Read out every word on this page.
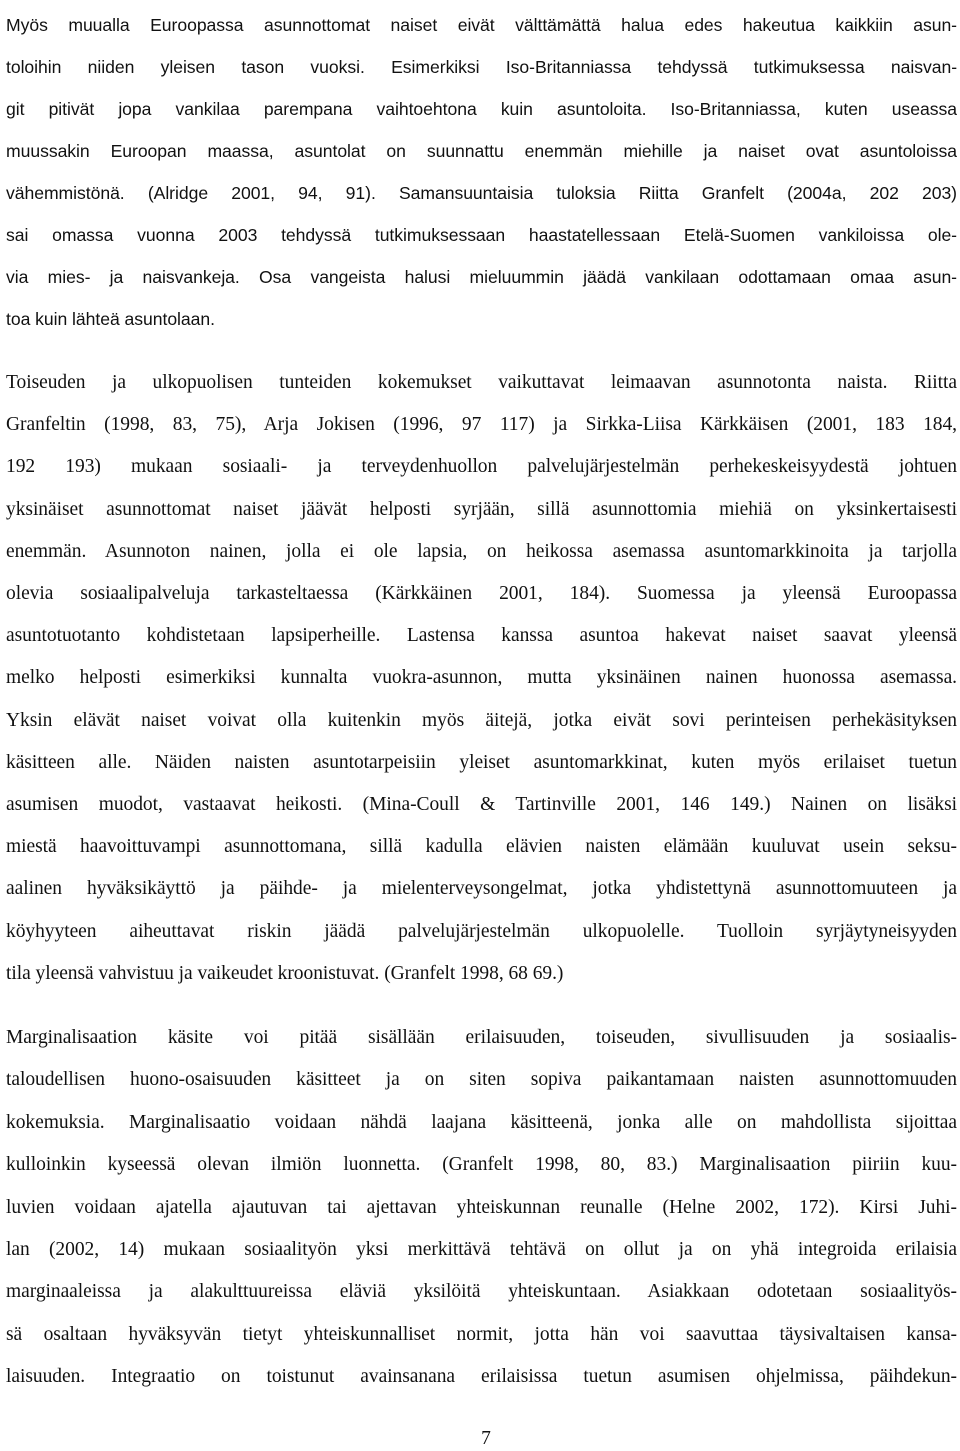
Myös muualla Euroopassa asunnottomat naiset eivät välttämättä halua edes hakeutua kaikkiin asun-
toloihin niiden yleisen tason vuoksi. Esimerkiksi Iso-Britanniassa tehdyssä tutkimuksessa naisvan-
git pitivät jopa vankilaa parempana vaihtoehtona kuin asuntoloita. Iso-Britanniassa, kuten useassa
muussakin Euroopan maassa, asuntolat on suunnattu enemmän miehille ja naiset ovat asuntoloissa
vähemmistönä. (Alridge 2001, 94, 91). Samansuuntaisia tuloksia Riitta Granfelt (2004a, 202 203)
sai omassa vuonna 2003 tehdyssä tutkimuksessaan haastatellessaan Etelä-Suomen vankiloissa ole-
via mies- ja naisvankeja. Osa vangeista halusi mieluummin jäädä vankilaan odottamaan omaa asun-
toa kuin lähteä asuntolaan.
Toiseuden ja ulkopuolisen tunteiden kokemukset vaikuttavat leimaavan asunnotonta naista. Riitta
Granfeltin (1998, 83, 75), Arja Jokisen (1996, 97 117) ja Sirkka-Liisa Kärkkäisen (2001, 183 184,
192 193) mukaan sosiaali- ja terveydenhuollon palvelujärjestelmän perhekeskeisyydestä johtuen
yksinäiset asunnottomat naiset jäävät helposti syrjään, sillä asunnottomia miehiä on yksinkertaisesti
enemmän. Asunnoton nainen, jolla ei ole lapsia, on heikossa asemassa asuntomarkkinoita ja tarjolla
olevia sosiaalipalveluja tarkasteltaessa (Kärkkäinen 2001, 184). Suomessa ja yleensä Euroopassa
asuntotuotanto kohdistetaan lapsiperheille. Lastensa kanssa asuntoa hakevat naiset saavat yleensä
melko helposti esimerkiksi kunnalta vuokra-asunnon, mutta yksinäinen nainen huonossa asemassa.
Yksin elävät naiset voivat olla kuitenkin myös äitejä, jotka eivät sovi perinteisen perhekäsityksen
käsitteen alle. Näiden naisten asuntotarpeisiin yleiset asuntomarkkinat, kuten myös erilaiset tuetun
asumisen muodot, vastaavat heikosti. (Mina-Coull & Tartinville 2001, 146 149.) Nainen on lisäksi
miestä haavoittuvampi asunnottomana, sillä kadulla elävien naisten elämään kuuluvat usein seksu-
aalinen hyväksikäyttö ja päihde- ja mielenterveysongelmat, jotka yhdistettynä asunnottomuuteen ja
köyhyyteen aiheuttavat riskin jäädä palvelujärjestelmän ulkopuolelle. Tuolloin syrjäytyneisyyden
tila yleensä vahvistuu ja vaikeudet kroonistuvat. (Granfelt 1998, 68 69.)
Marginalisaation käsite voi pitää sisällään erilaisuuden, toiseuden, sivullisuuden ja sosiaalis-
taloudellisen huono-osaisuuden käsitteet ja on siten sopiva paikantamaan naisten asunnottomuuden
kokemuksia. Marginalisaatio voidaan nähdä laajana käsitteenä, jonka alle on mahdollista sijoittaa
kulloinkin kyseessä olevan ilmiön luonnetta. (Granfelt 1998, 80, 83.) Marginalisaation piiriin kuu-
luvien voidaan ajatella ajautuvan tai ajettavan yhteiskunnan reunalle (Helne 2002, 172). Kirsi Juhi-
lan (2002, 14) mukaan sosiaalityön yksi merkittävä tehtävä on ollut ja on yhä integroida erilaisia
marginaaleissa ja alakulttuureissa eläviä yksilöitä yhteiskuntaan. Asiakkaan odotetaan sosiaalityös-
sä osaltaan hyväksyvän tietyt yhteiskunnalliset normit, jotta hän voi saavuttaa täysivaltaisen kansa-
laisuuden. Integraatio on toistunut avainsanana erilaisissa tuetun asumisen ohjelmissa, päihdekun-
7
